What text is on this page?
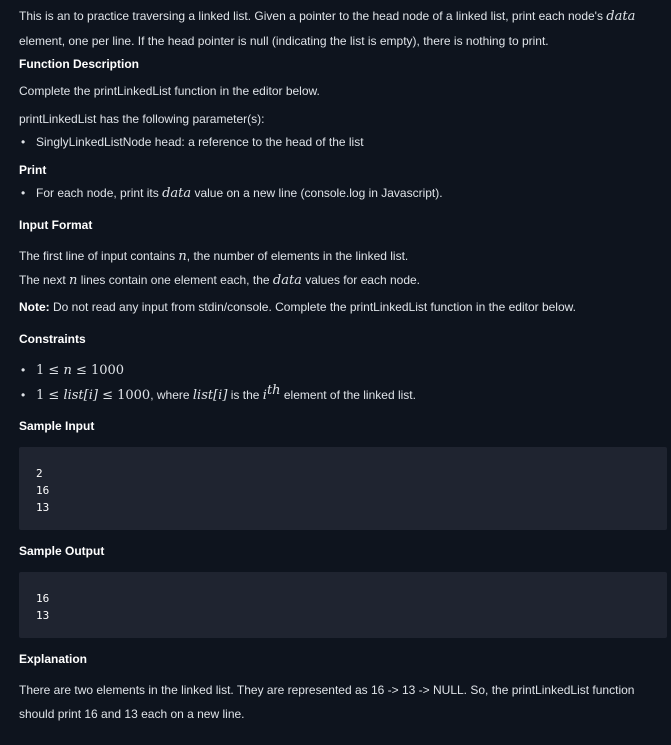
This is an to practice traversing a linked list. Given a pointer to the head node of a linked list, print each node's data element, one per line. If the head pointer is null (indicating the list is empty), there is nothing to print.

Function Description

Complete the printLinkedList function in the editor below.

printLinkedList has the following parameter(s):

• SinglyLinkedListNode head: a reference to the head of the list
Print
• For each node, print its data value on a new line (console.log in Javascript).
Input Format

The first line of input contains n, the number of elements in the linked list.

The next n lines contain one element each, the data values for each node.

Note: Do not read any input from stdin/console. Complete the printLinkedList function in the editor below.

Constraints
• 1 ≤ n ≤ 1000
• 1 ≤ list[i] ≤ 1000, where list[i] is the $i^{th}$ element of the linked list.
Sample Input
2
16
13
Sample Output
16
13
Explanation

There are two elements in the linked list. They are represented as 16 -> 13 -> NULL. So, the printLinkedList function should print 16 and 13 each on a new line.
